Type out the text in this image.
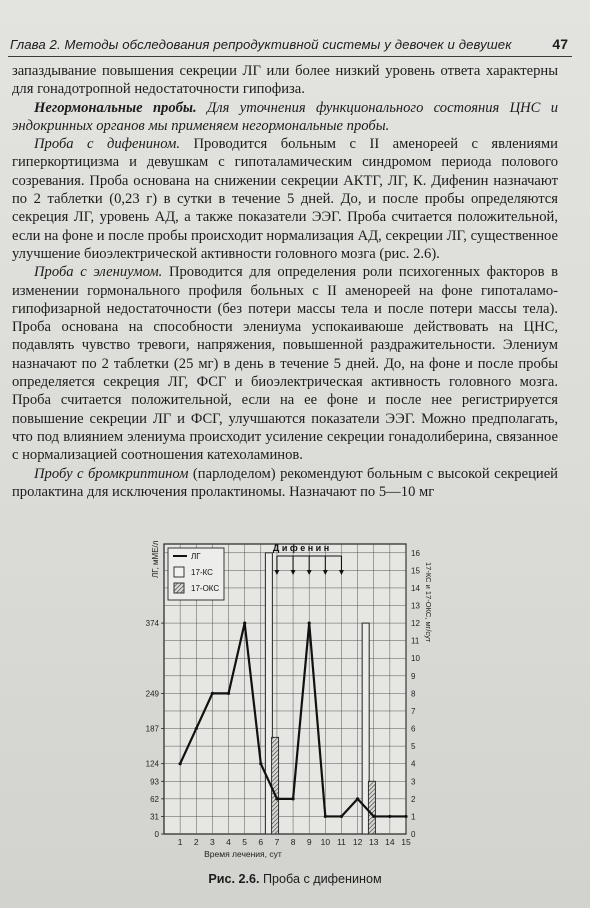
Глава 2. Методы обследования репродуктивной системы у девочек и девушек	47

запаздывание повышения секреции ЛГ или более низкий уровень ответа характерны для гонадотропной недостаточности гипофиза.

Негормональные пробы. Для уточнения функционального состояния ЦНС и эндокринных органов мы применяем негормональные пробы.

Проба с дифенином. Проводится больным с II аменореей с явлениями гиперкортицизма и девушкам с гипоталамическим синдромом периода полового созревания. Проба основана на снижении секреции АКТГ, ЛГ, К. Дифенин назначают по 2 таблетки (0,23 г) в сутки в течение 5 дней. До, и после пробы определяются секреция ЛГ, уровень АД, а также показатели ЭЭГ. Проба считается положительной, если на фоне и после пробы происходит нормализация АД, секреции ЛГ, существенное улучшение биоэлектрической активности головного мозга (рис. 2.6).

Проба с элениумом. Проводится для определения роли психогенных факторов в изменении гормонального профиля больных с II аменореей на фоне гипоталамо-гипофизарной недостаточности (без потери массы тела и после потери массы тела). Проба основана на способности элениума успокаиваюше действовать на ЦНС, подавлять чувство тревоги, напряжения, повышенной раздражительности. Элениум назначают по 2 таблетки (25 мг) в день в течение 5 дней. До, на фоне и после пробы определяется секреция ЛГ, ФСГ и биоэлектрическая активность головного мозга. Проба считается положительной, если на ее фоне и после нее регистрируется повышение секреции ЛГ и ФСГ, улучшаются показатели ЭЭГ. Можно предполагать, что под влиянием элениума происходит усиление секреции гонадолиберина, связанное с нормализацией соотношения катехоламинов.

Пробу с бромкриптином (парлоделом) рекомендуют больным с высокой секрецией пролактина для исключения пролактиномы. Назначают по 5—10 мг

0
1
2
3
4
5
6
7
8
9
10
11
12
13
14
15
16
0
31
62
93
124
187
249
374
1 2 3 4 5 6 7 8 9 10 11 12 13 14 15
Время лечения, сут
ЛГ, мМЕ/л
17-КС и 17-ОКС, мг/сут
Д и ф е н и н
ЛГ
17-КС
17-ОКС
Рис. 2.6. Проба с дифенином
